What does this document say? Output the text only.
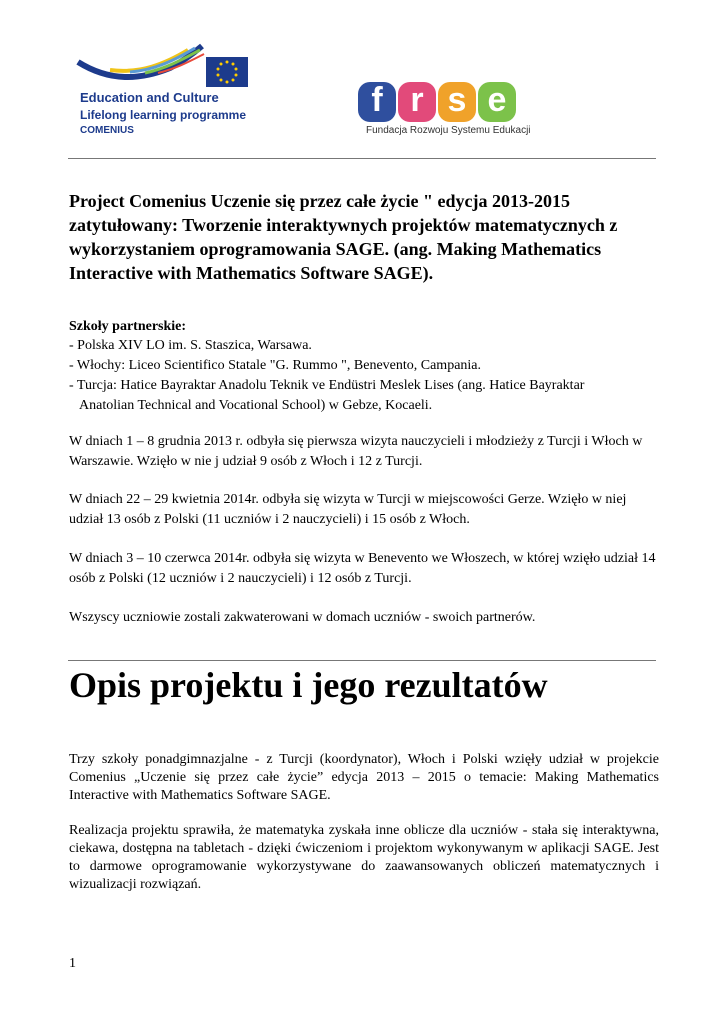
Education and Culture
Lifelong learning programme
COMENIUS
f r s e
Fundacja Rozwoju Systemu Edukacji
Project Comenius Uczenie się przez całe życie " edycja 2013-2015 zatytułowany: Tworzenie interaktywnych projektów matematycznych z wykorzystaniem oprogramowania SAGE. (ang. Making Mathematics Interactive with Mathematics Software SAGE).
Szkoły partnerskie:
- Polska XIV LO im. S. Staszica, Warsawa.
- Włochy: Liceo Scientifico Statale "G. Rummo ", Benevento, Campania.
- Turcja: Hatice Bayraktar Anadolu Teknik ve Endüstri Meslek Lises (ang. Hatice Bayraktar
Anatolian Technical and Vocational School) w Gebze, Kocaeli.
W dniach 1 – 8 grudnia 2013 r. odbyła się pierwsza wizyta nauczycieli i młodzieży z Turcji i Włoch w Warszawie. Wzięło w nie j udział 9 osób z Włoch i 12 z Turcji.
W dniach 22 – 29 kwietnia 2014r. odbyła się wizyta w Turcji w miejscowości Gerze. Wzięło w niej udział 13 osób z Polski (11 uczniów i 2 nauczycieli) i 15 osób z Włoch.
W dniach 3 – 10 czerwca 2014r. odbyła się wizyta w Benevento we Włoszech, w której wzięło udział 14 osób z Polski (12 uczniów i 2 nauczycieli) i 12 osób z Turcji.
Wszyscy uczniowie zostali zakwaterowani w domach uczniów - swoich partnerów.
Opis projektu i jego rezultatów
Trzy szkoły ponadgimnazjalne - z Turcji (koordynator), Włoch i Polski wzięły udział w projekcie Comenius „Uczenie się przez całe życie” edycja 2013 – 2015 o temacie: Making Mathematics Interactive with Mathematics Software SAGE.
Realizacja projektu sprawiła, że matematyka zyskała inne oblicze dla uczniów - stała się interaktywna, ciekawa, dostępna na tabletach - dzięki ćwiczeniom i projektom wykonywanym w aplikacji SAGE. Jest to darmowe oprogramowanie wykorzystywane do zaawansowanych obliczeń matematycznych i wizualizacji rozwiązań.
1
